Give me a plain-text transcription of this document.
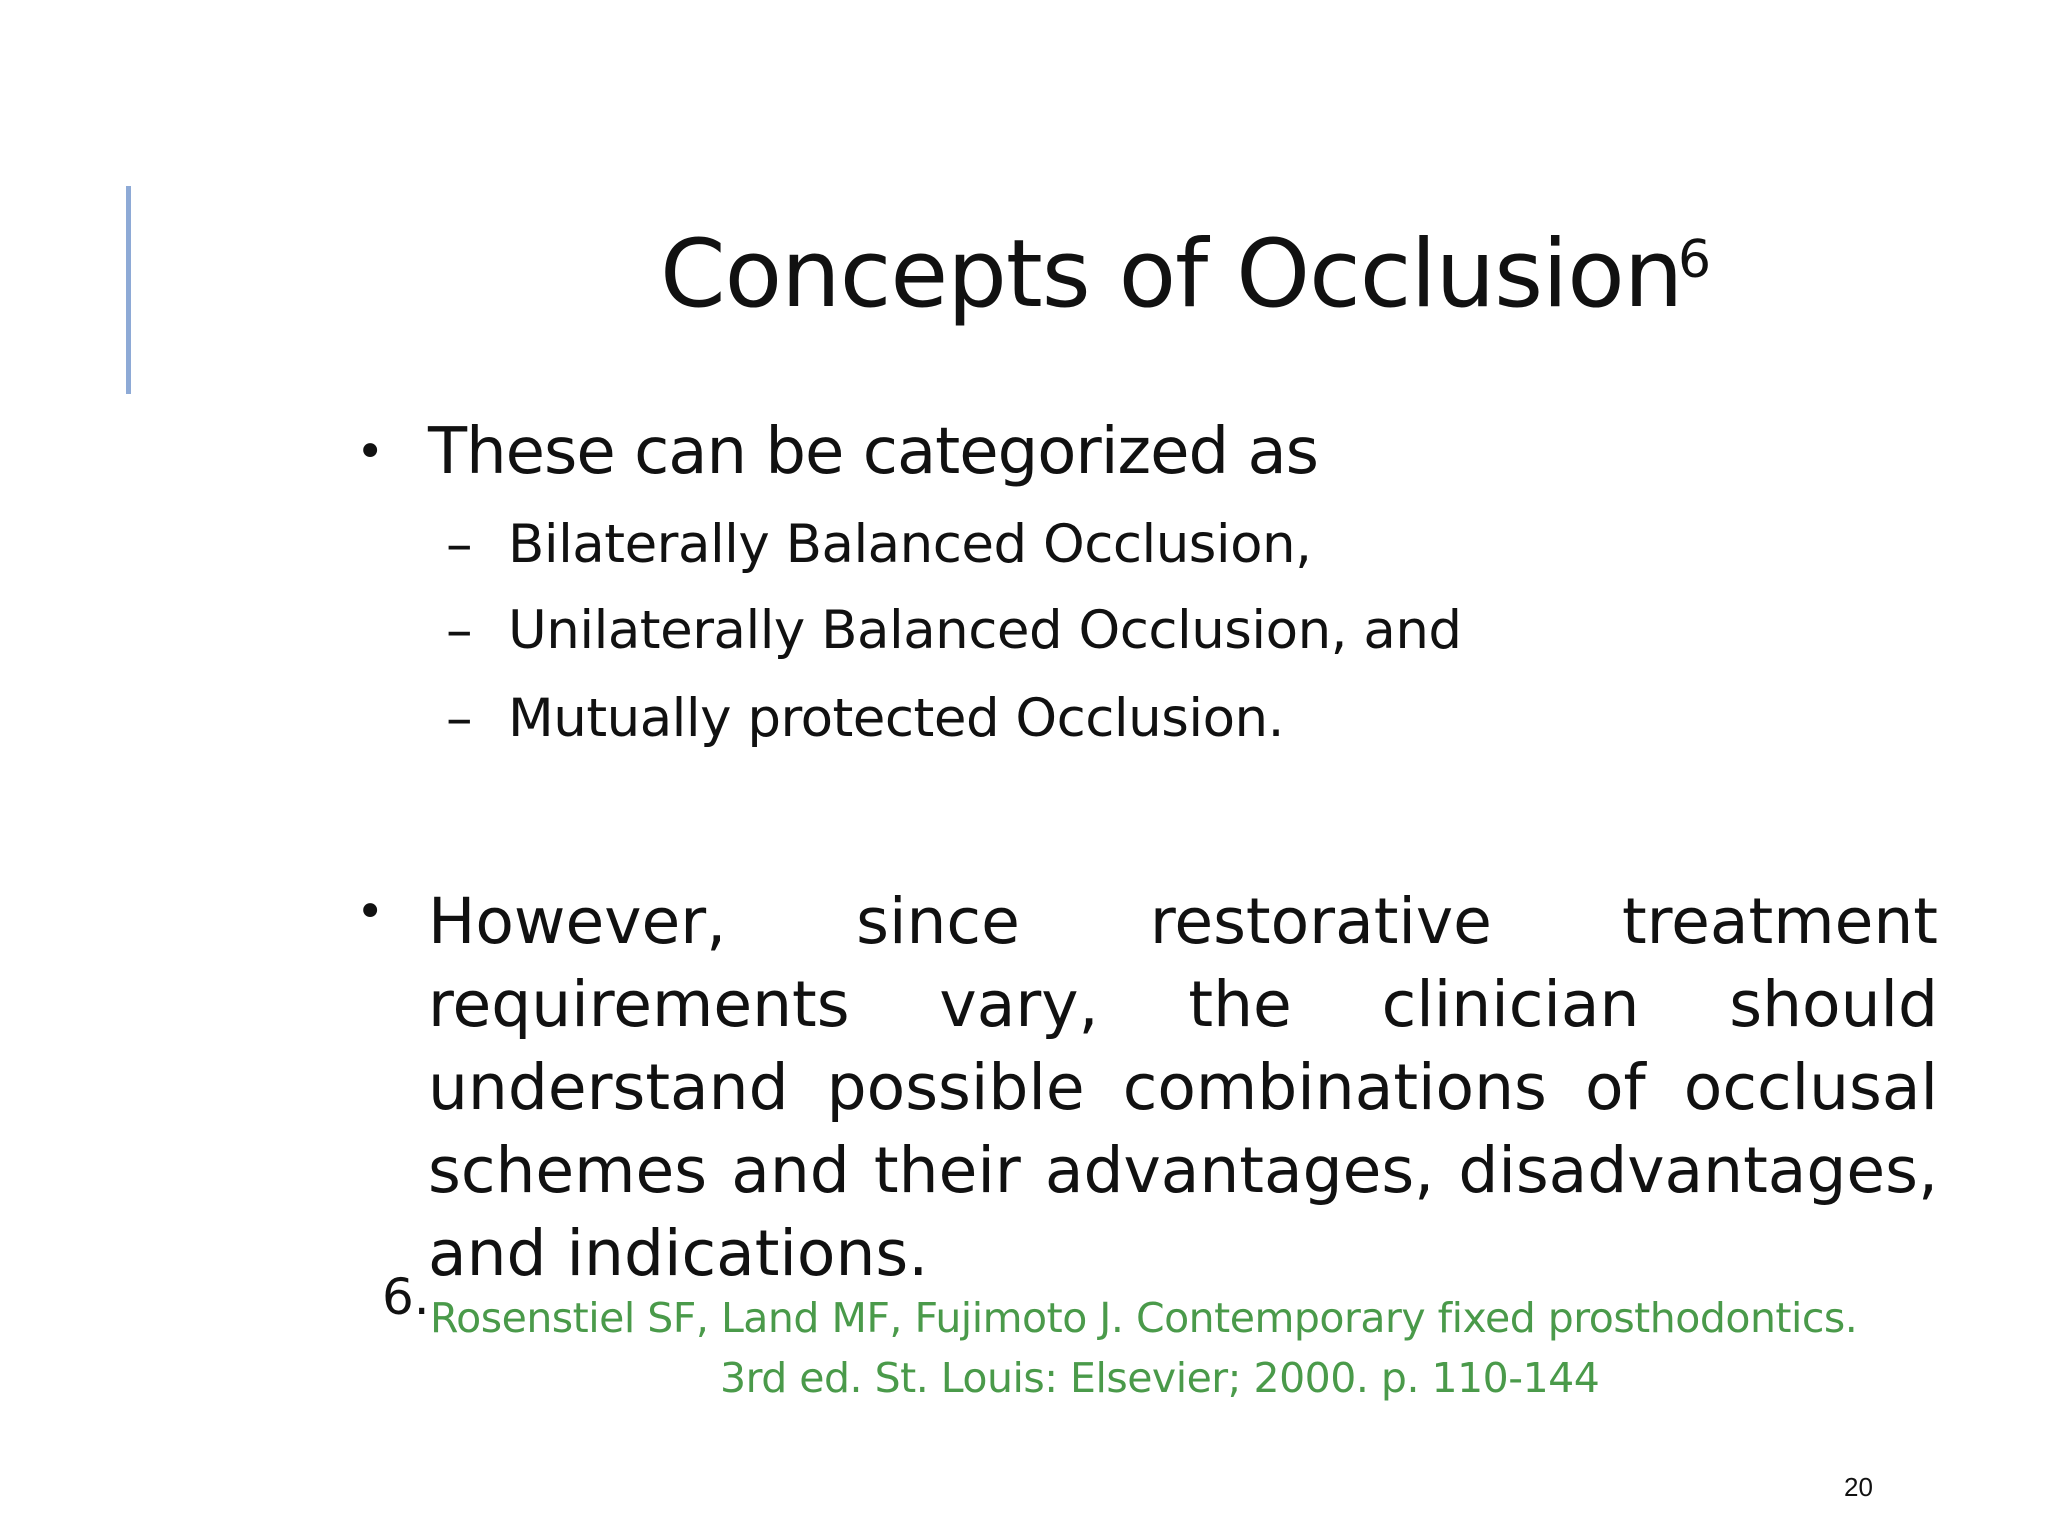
Concepts of Occlusion
6
• These can be categorized as
– Bilaterally Balanced Occlusion,
– Unilaterally Balanced Occlusion, and
– Mutually protected Occlusion.
• However, since restorative treatment requirements vary, the clinician should understand possible combinations of occlusal schemes and their advantages, disadvantages, and indications.
6. Rosenstiel SF, Land MF, Fujimoto J. Contemporary fixed prosthodontics.
3rd ed. St. Louis: Elsevier; 2000. p. 110-144
20
